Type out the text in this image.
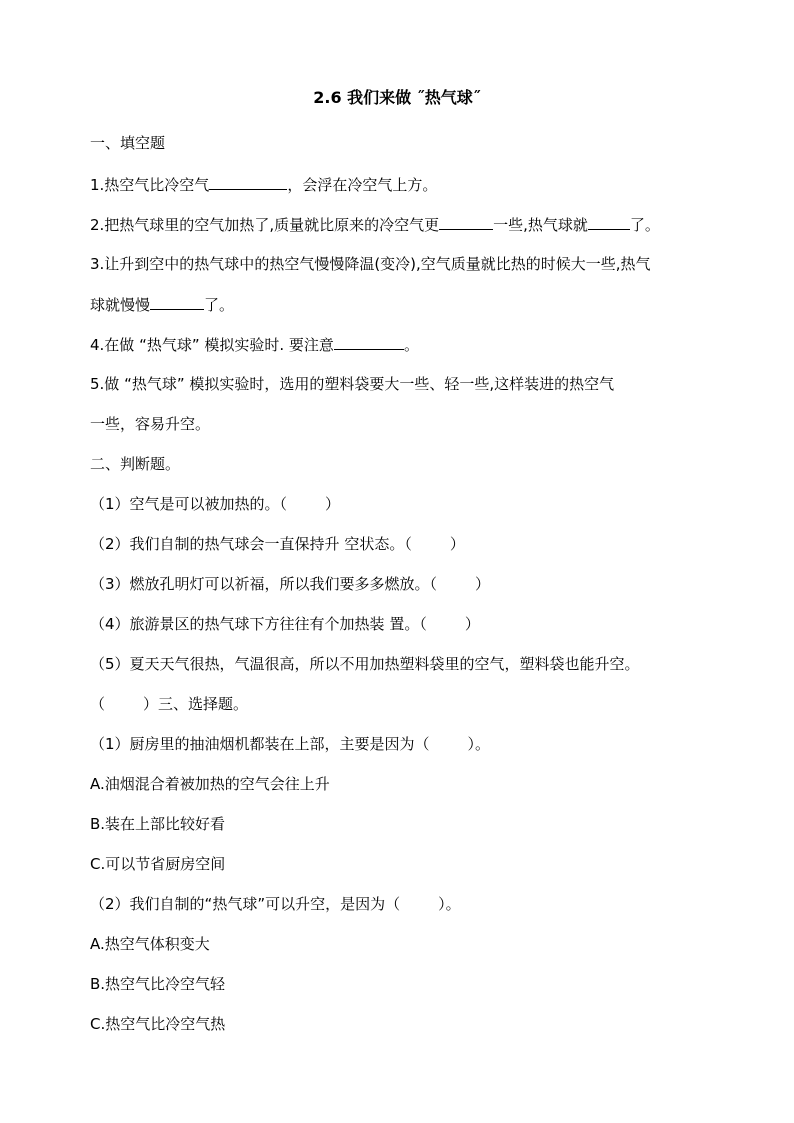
2.6 我们来做 ˝热气球˝
一、填空题
1.热空气比冷空气	，会浮在冷空气上方。
2.把热气球里的空气加热了,质量就比原来的冷空气更	一些,热气球就	了。
3.让升到空中的热气球中的热空气慢慢降温(变冷),空气质量就比热的时候大一些,热气
球就慢慢	了。
4.在做 “热气球” 模拟实验时. 要注意	。
5.做 “热气球” 模拟实验时，选用的塑料袋要大一些、轻一些,这样装进的热空气
一些，容易升空。
二、判断题。
（1）空气是可以被加热的。（	）
（2）我们自制的热气球会一直保持升 空状态。（	）
（3）燃放孔明灯可以祈福，所以我们要多多燃放。（	）
（4）旅游景区的热气球下方往往有个加热装 置。（	）
（5）夏天天气很热，气温很高，所以不用加热塑料袋里的空气，塑料袋也能升空。
（	）三、选择题。
（1）厨房里的抽油烟机都装在上部，主要是因为（	）。
A.油烟混合着被加热的空气会往上升
B.装在上部比较好看
C.可以节省厨房空间
（2）我们自制的“热气球”可以升空，是因为（	）。
A.热空气体积变大
B.热空气比冷空气轻
C.热空气比冷空气热
